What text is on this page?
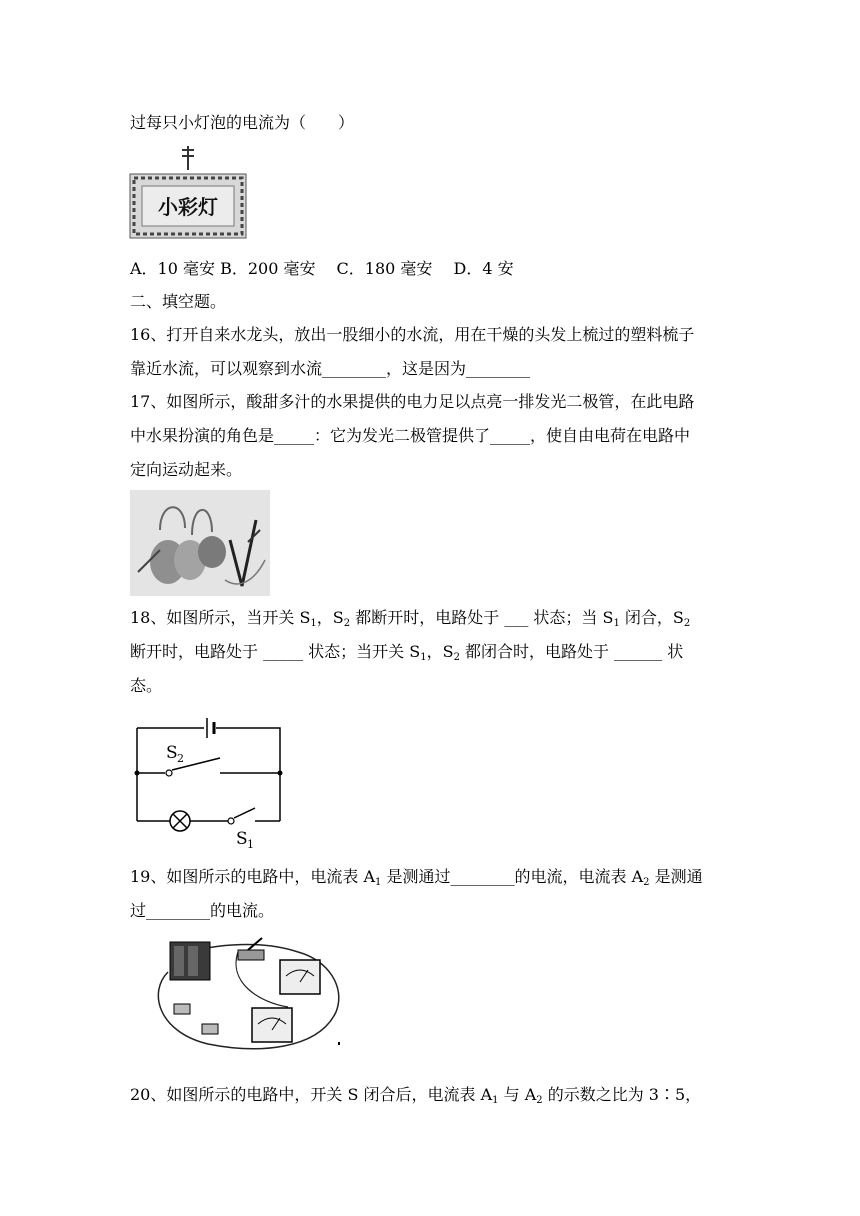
过每只小灯泡的电流为（　　）
小彩灯
A．10 毫安 B．200 毫安　 C．180 毫安　 D．4 安
二、填空题。
16、打开自来水龙头，放出一股细小的水流，用在干燥的头发上梳过的塑料梳子
靠近水流，可以观察到水流________，这是因为________
17、如图所示，酸甜多汁的水果提供的电力足以点亮一排发光二极管，在此电路
中水果扮演的角色是_____：它为发光二极管提供了_____，使自由电荷在电路中
定向运动起来。
18、如图所示，当开关 $S_1$，$S_2$ 都断开时，电路处于 ___ 状态；当 $S_1$ 闭合，$S_2$
断开时，电路处于 _____ 状态；当开关 $S_1$，$S_2$ 都闭合时，电路处于 ______ 状
态。
S 2
S 1
19、如图所示的电路中，电流表 $A_1$ 是测通过________的电流，电流表 $A_2$ 是测通
过________的电流。
20、如图所示的电路中，开关 S 闭合后，电流表 $A_1$ 与 $A_2$ 的示数之比为 3∶5，
